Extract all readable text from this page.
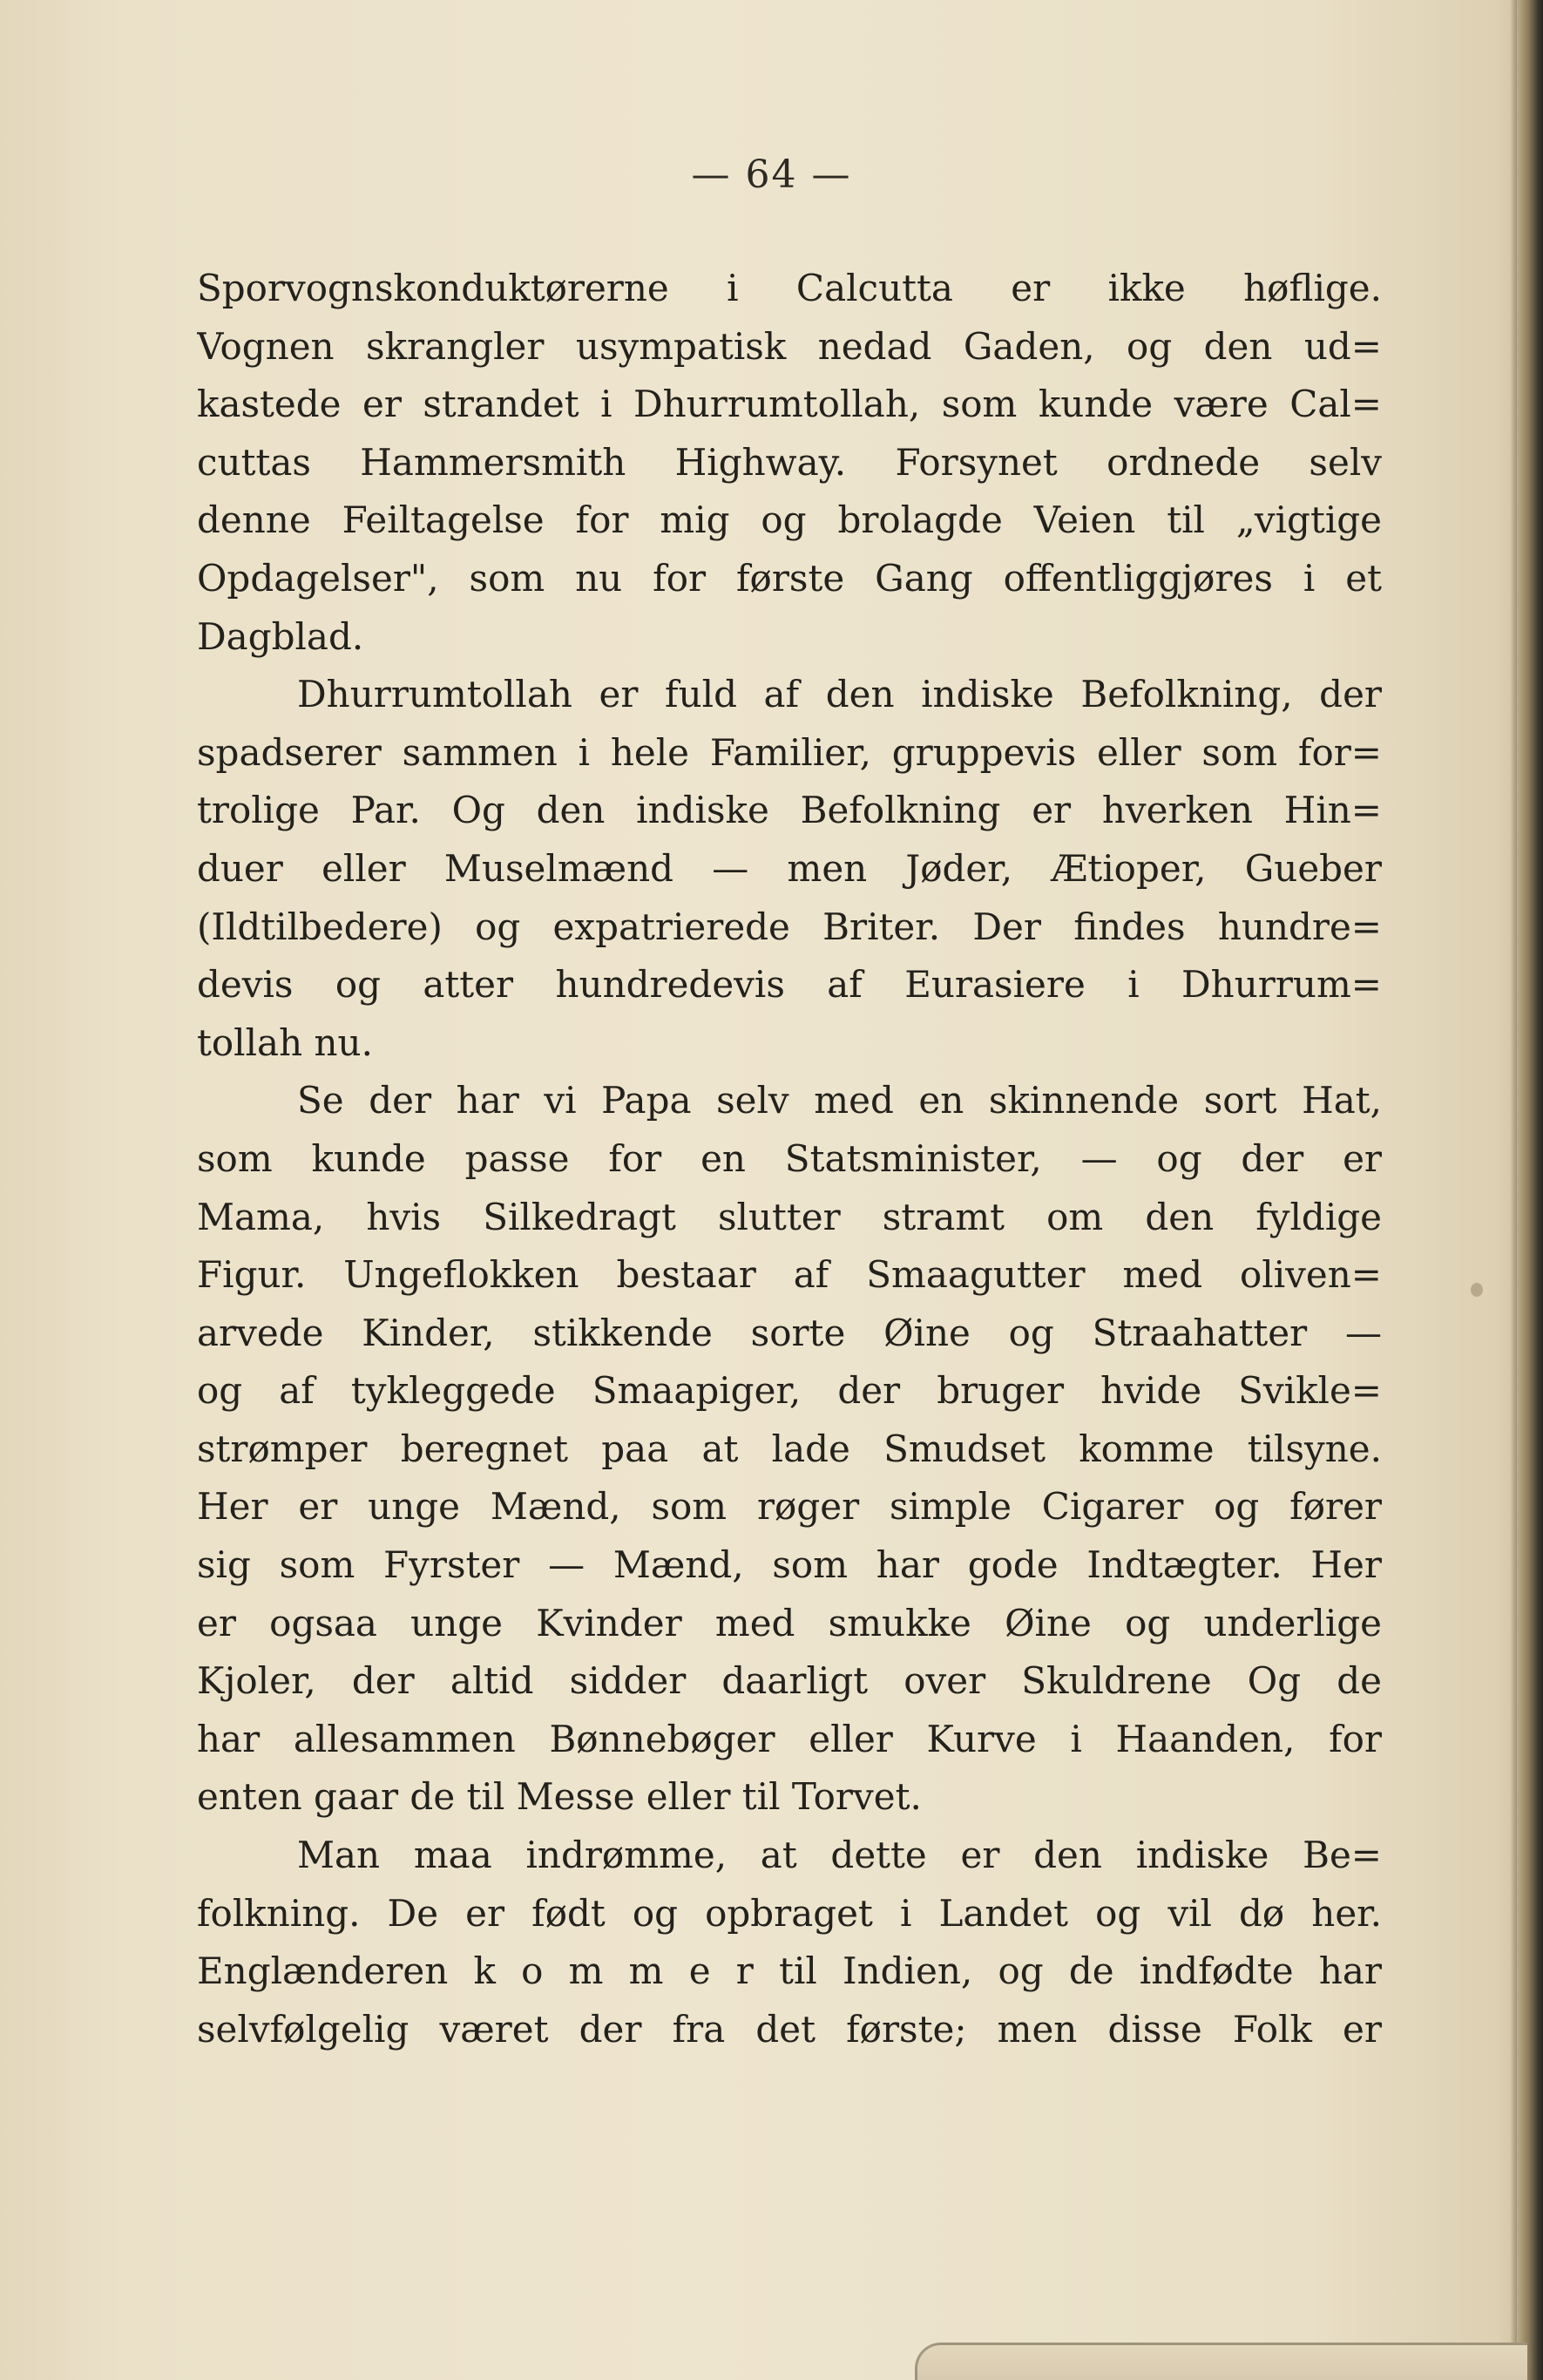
— 64 —
Sporvognskonduktørerne i Calcutta er ikke høflige.
Vognen skrangler usympatisk nedad Gaden, og den ud=
kastede er strandet i Dhurrumtollah, som kunde være Cal=
cuttas Hammersmith Highway. Forsynet ordnede selv
denne Feiltagelse for mig og brolagde Veien til „vigtige
Opdagelser", som nu for første Gang offentliggjøres i et
Dagblad.
Dhurrumtollah er fuld af den indiske Befolkning, der
spadserer sammen i hele Familier, gruppevis eller som for=
trolige Par. Og den indiske Befolkning er hverken Hin=
duer eller Muselmænd — men Jøder, Ætioper, Gueber
(Ildtilbedere) og expatrierede Briter. Der findes hundre=
devis og atter hundredevis af Eurasiere i Dhurrum=
tollah nu.
Se der har vi Papa selv med en skinnende sort Hat,
som kunde passe for en Statsminister, — og der er
Mama, hvis Silkedragt slutter stramt om den fyldige
Figur. Ungeflokken bestaar af Smaagutter med oliven=
arvede Kinder, stikkende sorte Øine og Straahatter —
og af tykleggede Smaapiger, der bruger hvide Svikle=
strømper beregnet paa at lade Smudset komme tilsyne.
Her er unge Mænd, som røger simple Cigarer og fører
sig som Fyrster — Mænd, som har gode Indtægter. Her
er ogsaa unge Kvinder med smukke Øine og underlige
Kjoler, der altid sidder daarligt over Skuldrene Og de
har allesammen Bønnebøger eller Kurve i Haanden, for
enten gaar de til Messe eller til Torvet.
Man maa indrømme, at dette er den indiske Be=
folkning. De er født og opbraget i Landet og vil dø her.
Englænderen k o m m e r til Indien, og de indfødte har
selvfølgelig været der fra det første; men disse Folk er
